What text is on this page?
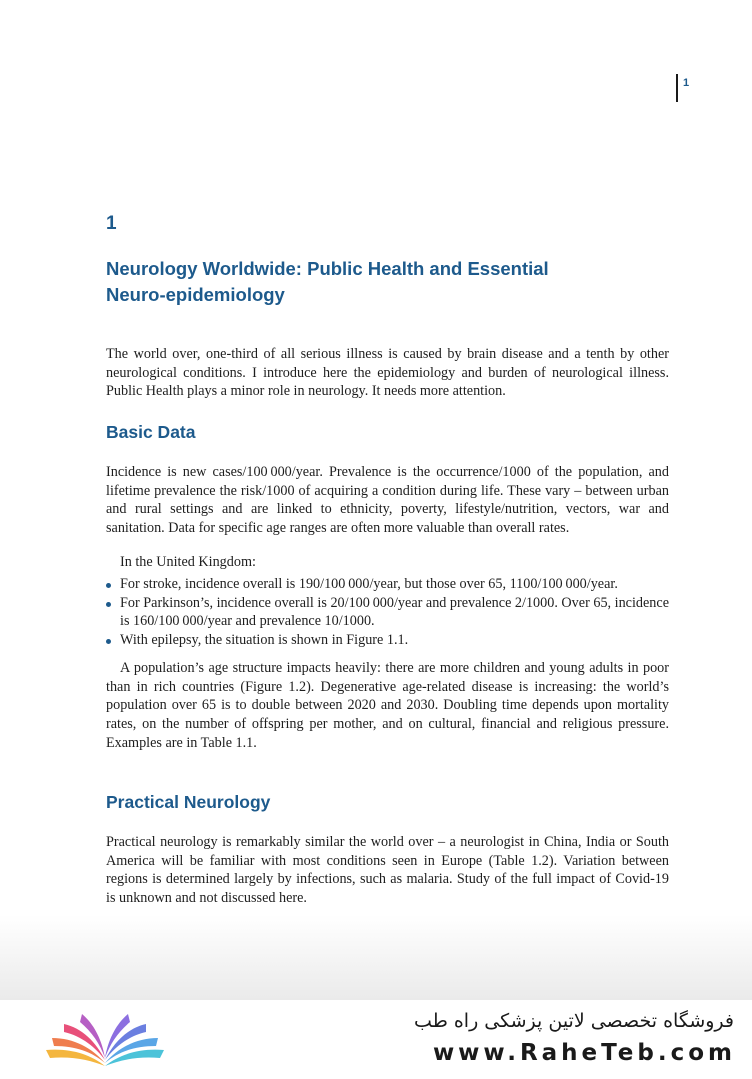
1
1
Neurology Worldwide: Public Health and Essential
Neuro-epidemiology

The world over, one-third of all serious illness is caused by brain disease and a tenth by other neurological conditions. I introduce here the epidemiology and burden of neurological illness. Public Health plays a minor role in neurology. It needs more attention.

Basic Data

Incidence is new cases/100 000/year. Prevalence is the occurrence/1000 of the population, and lifetime prevalence the risk/1000 of acquiring a condition during life. These vary – between urban and rural settings and are linked to ethnicity, poverty, lifestyle/nutrition, vectors, war and sanitation. Data for specific age ranges are often more valuable than overall rates.

In the United Kingdom:

For stroke, incidence overall is 190/100 000/year, but those over 65, 1100/100 000/year.
For Parkinson’s, incidence overall is 20/100 000/year and prevalence 2/1000. Over 65, incidence is 160/100 000/year and prevalence 10/1000.
With epilepsy, the situation is shown in Figure 1.1.

A population’s age structure impacts heavily: there are more children and young adults in poor than in rich countries (Figure 1.2). Degenerative age-related disease is increasing: the world’s population over 65 is to double between 2020 and 2030. Doubling time depends upon mortality rates, on the number of offspring per mother, and on cultural, financial and religious pressure. Examples are in Table 1.1.

Practical Neurology

Practical neurology is remarkably similar the world over – a neurologist in China, India or South America will be familiar with most conditions seen in Europe (Table 1.2). Variation between regions is determined largely by infections, such as malaria. Study of the full impact of Covid-19 is unknown and not discussed here.

فروشگاه تخصصی لاتین پزشکی راه طب
www.RaheTeb.com
